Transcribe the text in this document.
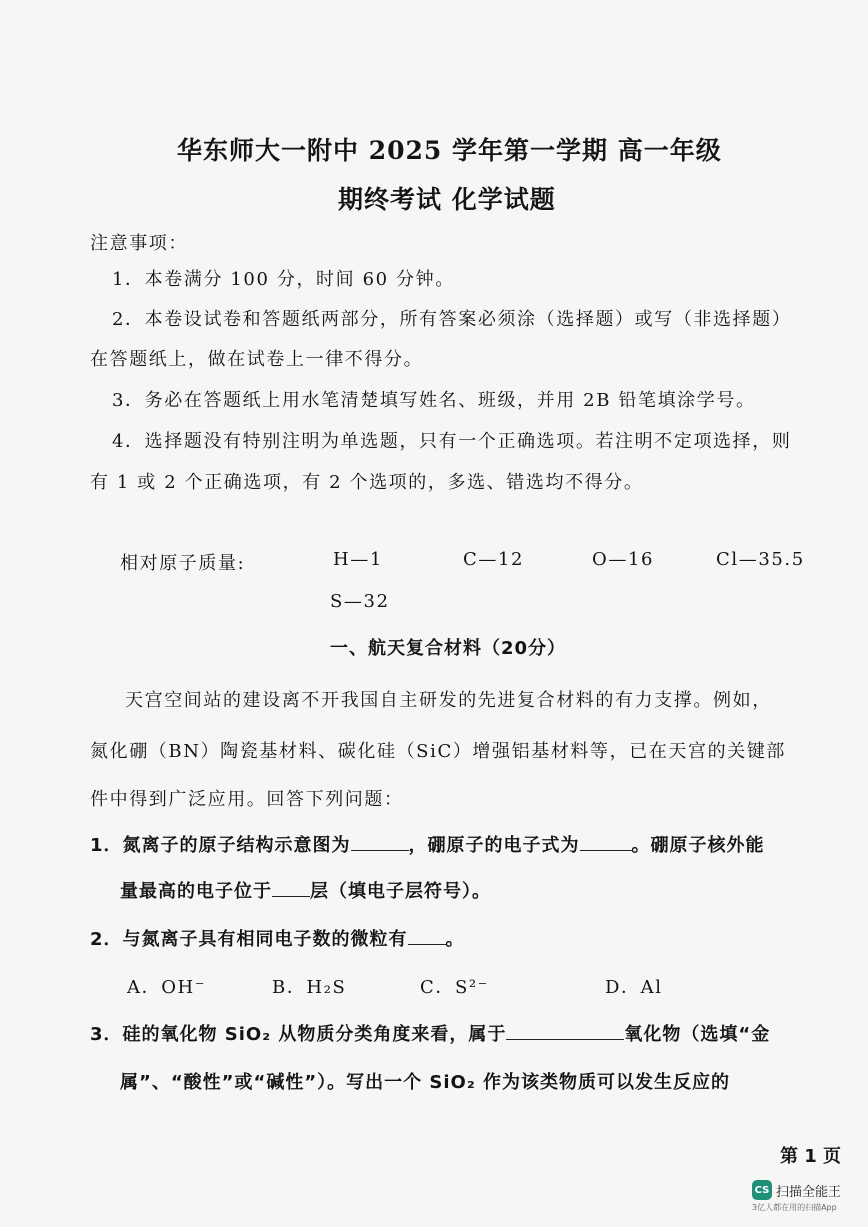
华东师大一附中 2025 学年第一学期 高一年级
期终考试 化学试题
注意事项：
1．本卷满分 100 分，时间 60 分钟。
2．本卷设试卷和答题纸两部分，所有答案必须涂（选择题）或写（非选择题）
在答题纸上，做在试卷上一律不得分。
3．务必在答题纸上用水笔清楚填写姓名、班级，并用 2B 铅笔填涂学号。
4．选择题没有特别注明为单选题，只有一个正确选项。若注明不定项选择，则
有 1 或 2 个正确选项，有 2 个选项的，多选、错选均不得分。
相对原子质量:	H—1	C—12	O—16	Cl—35.5
S—32
一、航天复合材料（20分）
天宫空间站的建设离不开我国自主研发的先进复合材料的有力支撑。例如，
氮化硼（BN）陶瓷基材料、碳化硅（SiC）增强铝基材料等，已在天宫的关键部
件中得到广泛应用。回答下列问题：
1．氮离子的原子结构示意图为	，硼原子的电子式为	。硼原子核外能
量最高的电子位于 层（填电子层符号）。
2．与氮离子具有相同电子数的微粒有 。
A．OH⁻	B．H₂S	C．S²⁻	D．Al
3．硅的氧化物 SiO₂ 从物质分类角度来看，属于	氧化物（选填“金
属”、“酸性”或“碱性”）。写出一个 SiO₂ 作为该类物质可以发生反应的
第 1 页
CS 扫描全能王
3亿人都在用的扫描App
